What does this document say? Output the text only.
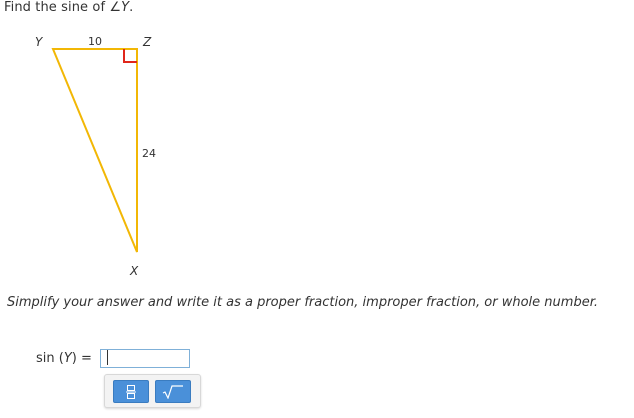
Find the sine of ∠Y.
Y	Z
X
10
24
Simplify your answer and write it as a proper fraction, improper fraction, or whole number.
sin (Y) =
